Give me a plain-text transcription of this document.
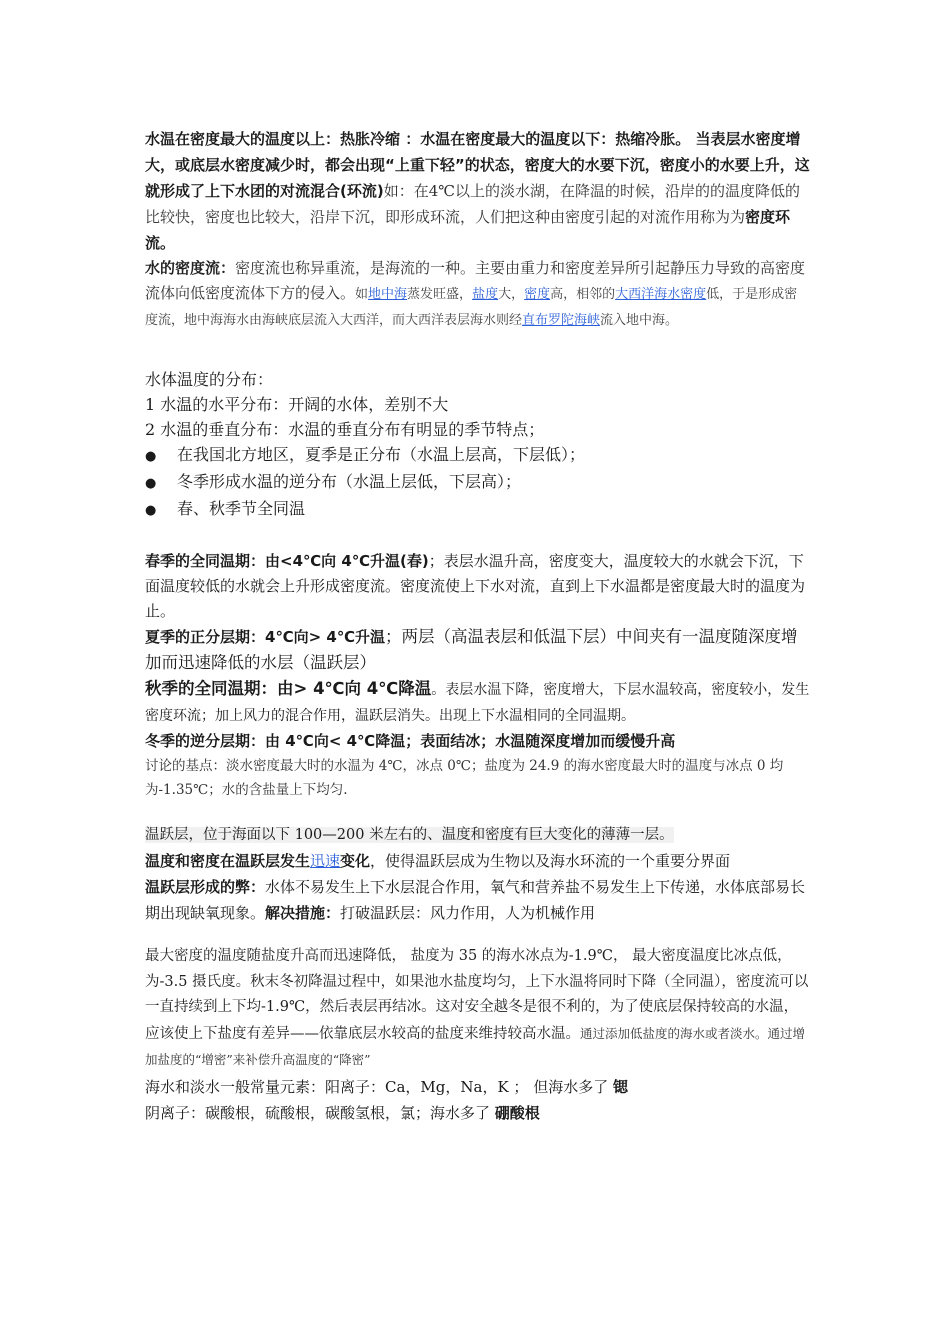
水温在密度最大的温度以上：热胀冷缩 ：水温在密度最大的温度以下：热缩冷胀。 当表层水密度增大，或底层水密度减少时，都会出现“上重下轻”的状态，密度大的水要下沉，密度小的水要上升，这就形成了上下水团的对流混合(环流)如：在4℃以上的淡水湖，在降温的时候，沿岸的的温度降低的比较快，密度也比较大，沿岸下沉，即形成环流，人们把这种由密度引起的对流作用称为为密度环流。

水的密度流：密度流也称异重流，是海流的一种。主要由重力和密度差异所引起静压力导致的高密度流体向低密度流体下方的侵入。如地中海蒸发旺盛，盐度大，密度高，相邻的大西洋海水密度低，于是形成密度流，地中海海水由海峡底层流入大西洋，而大西洋表层海水则经直布罗陀海峡流入地中海。

水体温度的分布：

1 水温的水平分布：开阔的水体，差别不大

2 水温的垂直分布：水温的垂直分布有明显的季节特点；

●	在我国北方地区，夏季是正分布（水温上层高，下层低）；
●	冬季形成水温的逆分布（水温上层低，下层高）；
●	春、秋季节全同温

春季的全同温期：由<4℃向 4℃升温(春)；表层水温升高，密度变大，温度较大的水就会下沉，下面温度较低的水就会上升形成密度流。密度流使上下水对流，直到上下水温都是密度最大时的温度为止。

夏季的正分层期：4℃向> 4℃升温；两层（高温表层和低温下层）中间夹有一温度随深度增加而迅速降低的水层（温跃层）

秋季的全同温期：由> 4℃向 4℃降温。表层水温下降，密度增大，下层水温较高，密度较小，发生密度环流；加上风力的混合作用，温跃层消失。出现上下水温相同的全同温期。

冬季的逆分层期：由 4℃向< 4℃降温；表面结冰；水温随深度增加而缓慢升高

讨论的基点：淡水密度最大时的水温为 4℃，冰点 0℃；盐度为 24.9 的海水密度最大时的温度与冰点 0 均为-1.35℃；水的含盐量上下均匀.

温跃层，位于海面以下 100—200 米左右的、温度和密度有巨大变化的薄薄一层。

温度和密度在温跃层发生迅速变化，使得温跃层成为生物以及海水环流的一个重要分界面

温跃层形成的弊：水体不易发生上下水层混合作用，氧气和营养盐不易发生上下传递，水体底部易长期出现缺氧现象。解决措施：打破温跃层：风力作用，人为机械作用

最大密度的温度随盐度升高而迅速降低， 盐度为 35 的海水冰点为-1.9℃， 最大密度温度比冰点低，为-3.5 摄氏度。秋末冬初降温过程中，如果池水盐度均匀，上下水温将同时下降（全同温），密度流可以一直持续到上下均-1.9℃，然后表层再结冰。这对安全越冬是很不利的，为了使底层保持较高的水温，应该使上下盐度有差异——依靠底层水较高的盐度来维持较高水温。通过添加低盐度的海水或者淡水。通过增加盐度的“增密”来补偿升高温度的“降密”

海水和淡水一般常量元素：阳离子：Ca，Mg，Na，K ； 但海水多了 锶

阴离子：碳酸根，硫酸根，碳酸氢根，氯；海水多了 硼酸根
